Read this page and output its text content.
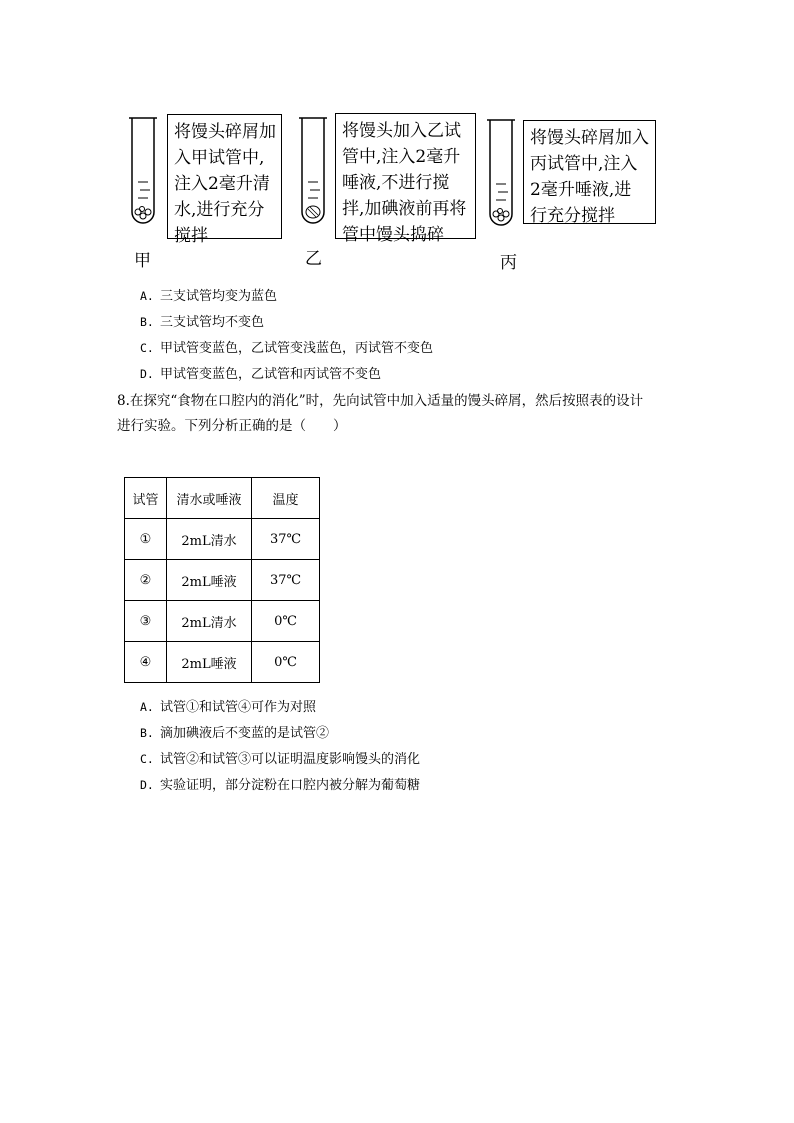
将馒头碎屑加
入甲试管中,
注入2毫升清
水,进行充分
搅拌
甲
将馒头加入乙试
管中,注入2毫升
唾液,不进行搅
拌,加碘液前再将
管中馒头捣碎
乙
将馒头碎屑加入
丙试管中,注入
2毫升唾液,进
行充分搅拌
丙
A. 三支试管均变为蓝色
B. 三支试管均不变色
C. 甲试管变蓝色，乙试管变浅蓝色，丙试管不变色
D. 甲试管变蓝色，乙试管和丙试管不变色
8.在探究“食物在口腔内的消化”时，先向试管中加入适量的馒头碎屑，然后按照表的设计
进行实验。下列分析正确的是（　　）
试管	清水或唾液	温度
①	2mL清水	37℃
②	2mL唾液	37℃
③	2mL清水	0℃
④	2mL唾液	0℃
A. 试管①和试管④可作为对照
B. 滴加碘液后不变蓝的是试管②
C. 试管②和试管③可以证明温度影响馒头的消化
D. 实验证明，部分淀粉在口腔内被分解为葡萄糖
